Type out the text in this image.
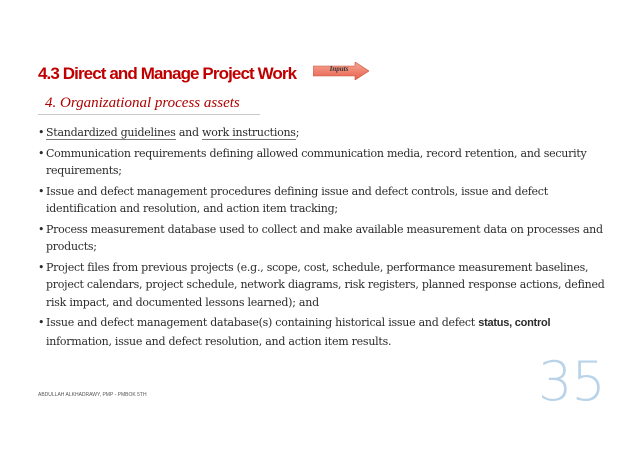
4.3 Direct and Manage Project Work	Inputs
4. Organizational process assets
• Standardized guidelines and work instructions;
• Communication requirements defining allowed communication media, record retention, and security requirements;
• Issue and defect management procedures defining issue and defect controls, issue and defect identification and resolution, and action item tracking;
• Process measurement database used to collect and make available measurement data on processes and products;
• Project files from previous projects (e.g., scope, cost, schedule, performance measurement baselines, project calendars, project schedule, network diagrams, risk registers, planned response actions, defined risk impact, and documented lessons learned); and
• Issue and defect management database(s) containing historical issue and defect status, control information, issue and defect resolution, and action item results.
ABDULLAH ALKHADRAWY, PMP - PMBOK 5TH	35
